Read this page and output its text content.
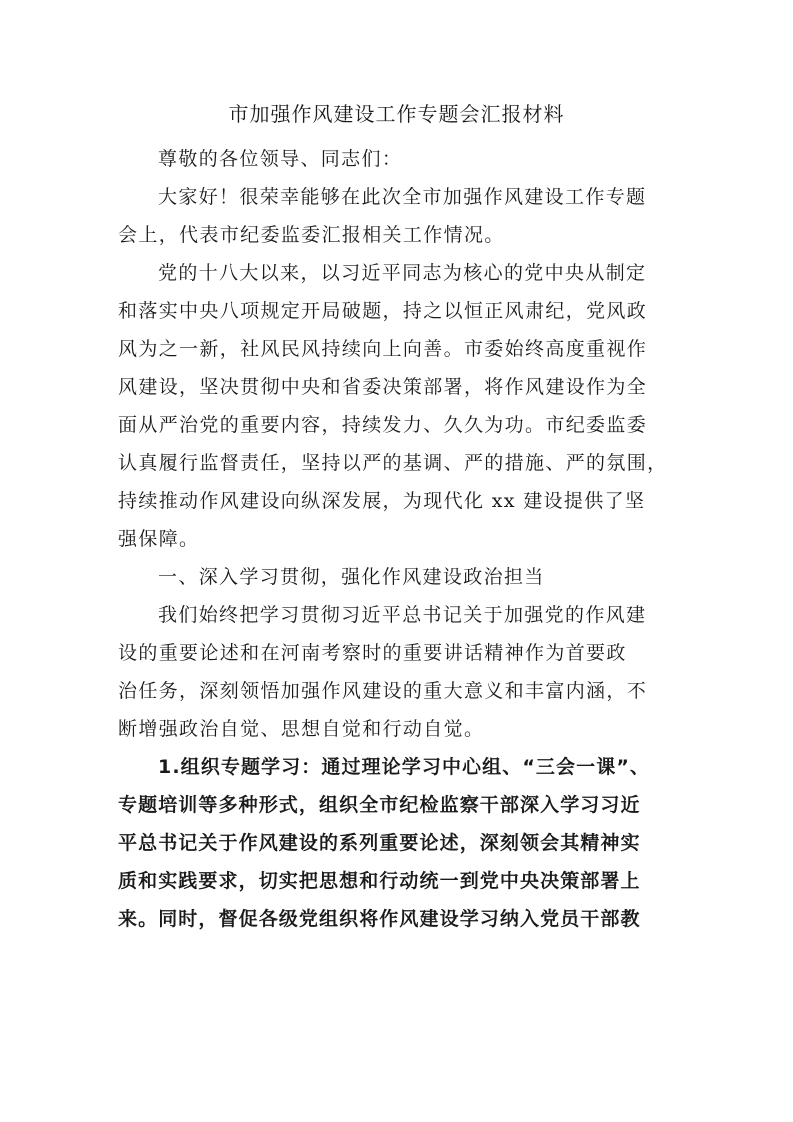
市加强作风建设工作专题会汇报材料
尊敬的各位领导、同志们：
大家好！很荣幸能够在此次全市加强作风建设工作专题
会上，代表市纪委监委汇报相关工作情况。
党的十八大以来，以习近平同志为核心的党中央从制定
和落实中央八项规定开局破题，持之以恒正风肃纪，党风政
风为之一新，社风民风持续向上向善。市委始终高度重视作
风建设，坚决贯彻中央和省委决策部署，将作风建设作为全
面从严治党的重要内容，持续发力、久久为功。市纪委监委
认真履行监督责任，坚持以严的基调、严的措施、严的氛围，
持续推动作风建设向纵深发展，为现代化 xx 建设提供了坚
强保障。
一、深入学习贯彻，强化作风建设政治担当
我们始终把学习贯彻习近平总书记关于加强党的作风建
设的重要论述和在河南考察时的重要讲话精神作为首要政
治任务，深刻领悟加强作风建设的重大意义和丰富内涵，不
断增强政治自觉、思想自觉和行动自觉。
1.组织专题学习：通过理论学习中心组、“三会一课”、
专题培训等多种形式，组织全市纪检监察干部深入学习习近
平总书记关于作风建设的系列重要论述，深刻领会其精神实
质和实践要求，切实把思想和行动统一到党中央决策部署上
来。同时，督促各级党组织将作风建设学习纳入党员干部教
